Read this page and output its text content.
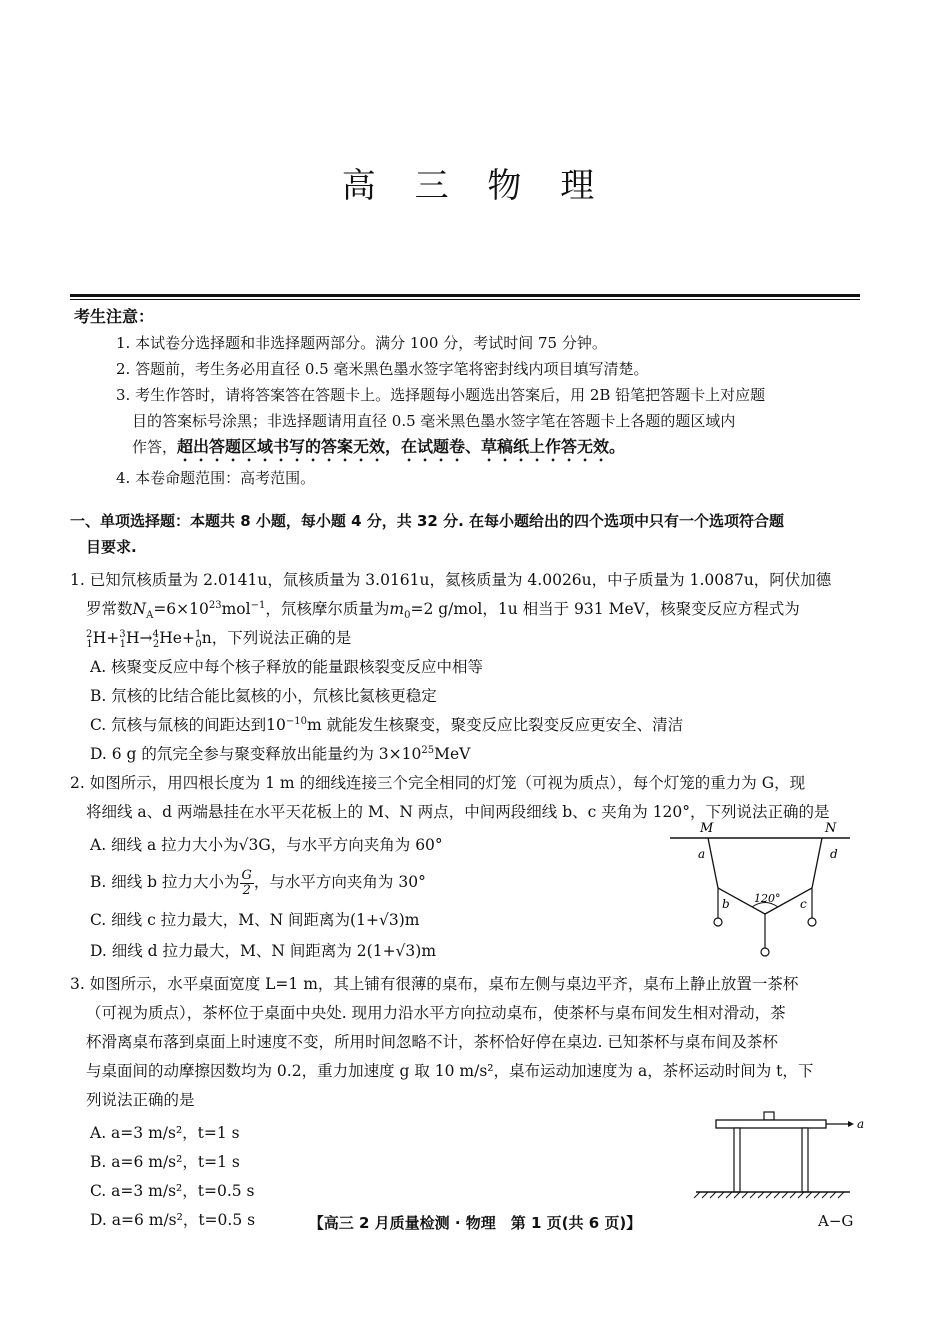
高 三 物 理
考生注意：
1. 本试卷分选择题和非选择题两部分。满分 100 分，考试时间 75 分钟。
2. 答题前，考生务必用直径 0.5 毫米黑色墨水签字笔将密封线内项目填写清楚。
3. 考生作答时，请将答案答在答题卡上。选择题每小题选出答案后，用 2B 铅笔把答题卡上对应题
目的答案标号涂黑；非选择题请用直径 0.5 毫米黑色墨水签字笔在答题卡上各题的题区域内
作答，超出答题区域书写的答案无效，在试题卷、草稿纸上作答无效。
4. 本卷命题范围：高考范围。
一、单项选择题：本题共 8 小题，每小题 4 分，共 32 分. 在每小题给出的四个选项中只有一个选项符合题
目要求.
1. 已知氘核质量为 2.0141u，氚核质量为 3.0161u，氦核质量为 4.0026u，中子质量为 1.0087u，阿伏加德
罗常数$N_A=6\times 10^{23}mol^{-1}$，氘核摩尔质量为$m_0=2$ g/mol，1u 相当于 931 MeV，核聚变反应方程式为
$^2_1$H+$^3_1$H→$^4_2$He+$^1_0$n，下列说法正确的是
A. 核聚变反应中每个核子释放的能量跟核裂变反应中相等
B. 氘核的比结合能比氦核的小，氘核比氦核更稳定
C. 氘核与氚核的间距达到$10^{-10}m$ 就能发生核聚变，聚变反应比裂变反应更安全、清洁
D. 6 g 的氘完全参与聚变释放出能量约为 $3\times 10^{25}MeV$
2. 如图所示，用四根长度为 1 m 的细线连接三个完全相同的灯笼（可视为质点），每个灯笼的重力为 G，现
将细线 a、d 两端悬挂在水平天花板上的 M、N 两点，中间两段细线 b、c 夹角为 120°，下列说法正确的是
A. 细线 a 拉力大小为√3G，与水平方向夹角为 60°
B. 细线 b 拉力大小为 $\frac{G}{2}$ ，与水平方向夹角为 30°
C. 细线 c 拉力最大，M、N 间距离为(1+√3)m
D. 细线 d 拉力最大，M、N 间距离为 2(1+√3)m
M	N
a	d
b	c
120°
3. 如图所示，水平桌面宽度 L=1 m，其上铺有很薄的桌布，桌布左侧与桌边平齐，桌布上静止放置一茶杯
（可视为质点），茶杯位于桌面中央处. 现用力沿水平方向拉动桌布，使茶杯与桌布间发生相对滑动，茶
杯滑离桌布落到桌面上时速度不变，所用时间忽略不计，茶杯恰好停在桌边. 已知茶杯与桌布间及茶杯
与桌面间的动摩擦因数均为 0.2，重力加速度 g 取 10 m/s²，桌布运动加速度为 a，茶杯运动时间为 t，下
列说法正确的是
A. a=3 m/s²，t=1 s
B. a=6 m/s²，t=1 s
C. a=3 m/s²，t=0.5 s
D. a=6 m/s²，t=0.5 s
a
【高三 2 月质量检测 · 物理　第 1 页(共 6 页)】	A−G
